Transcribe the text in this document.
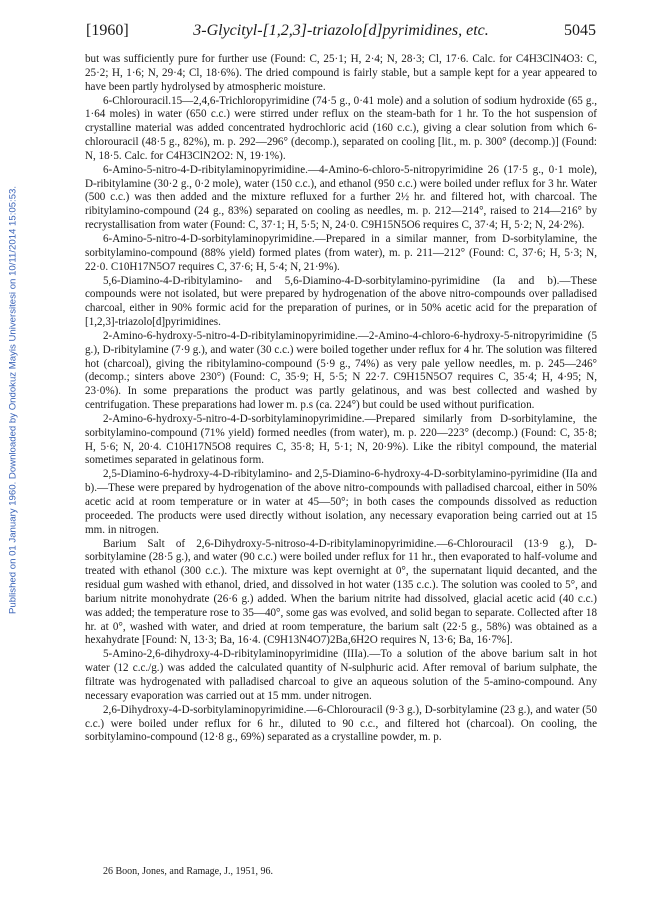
[1960]	3-Glycityl-[1,2,3]-triazolo[d]pyrimidines, etc.	5045
Published on 01 January 1960. Downloaded by Ondokuz Mayis Universitesi on 10/11/2014 15:05:53.

but was sufficiently pure for further use (Found: C, 25·1; H, 2·4; N, 28·3; Cl, 17·6. Calc. for C4H3ClN4O3: C, 25·2; H, 1·6; N, 29·4; Cl, 18·6%). The dried compound is fairly stable, but a sample kept for a year appeared to have been partly hydrolysed by atmospheric moisture.

6-Chlorouracil.15—2,4,6-Trichloropyrimidine (74·5 g., 0·41 mole) and a solution of sodium hydroxide (65 g., 1·64 moles) in water (650 c.c.) were stirred under reflux on the steam-bath for 1 hr. To the hot suspension of crystalline material was added concentrated hydrochloric acid (160 c.c.), giving a clear solution from which 6-chlorouracil (48·5 g., 82%), m. p. 292—296° (decomp.), separated on cooling [lit., m. p. 300° (decomp.)] (Found: N, 18·5. Calc. for C4H3ClN2O2: N, 19·1%).

6-Amino-5-nitro-4-D-ribitylaminopyrimidine.—4-Amino-6-chloro-5-nitropyrimidine 26 (17·5 g., 0·1 mole), D-ribitylamine (30·2 g., 0·2 mole), water (150 c.c.), and ethanol (950 c.c.) were boiled under reflux for 3 hr. Water (500 c.c.) was then added and the mixture refluxed for a further 2½ hr. and filtered hot, with charcoal. The ribitylamino-compound (24 g., 83%) separated on cooling as needles, m. p. 212—214°, raised to 214—216° by recrystallisation from water (Found: C, 37·1; H, 5·5; N, 24·0. C9H15N5O6 requires C, 37·4; H, 5·2; N, 24·2%).

6-Amino-5-nitro-4-D-sorbitylaminopyrimidine.—Prepared in a similar manner, from D-sorbitylamine, the sorbitylamino-compound (88% yield) formed plates (from water), m. p. 211—212° (Found: C, 37·6; H, 5·3; N, 22·0. C10H17N5O7 requires C, 37·6; H, 5·4; N, 21·9%).

5,6-Diamino-4-D-ribitylamino- and 5,6-Diamino-4-D-sorbitylamino-pyrimidine (Ia and b).—These compounds were not isolated, but were prepared by hydrogenation of the above nitro-compounds over palladised charcoal, either in 90% formic acid for the preparation of purines, or in 50% acetic acid for the preparation of [1,2,3]-triazolo[d]pyrimidines.

2-Amino-6-hydroxy-5-nitro-4-D-ribitylaminopyrimidine.—2-Amino-4-chloro-6-hydroxy-5-nitropyrimidine (5 g.), D-ribitylamine (7·9 g.), and water (30 c.c.) were boiled together under reflux for 4 hr. The solution was filtered hot (charcoal), giving the ribitylamino-compound (5·9 g., 74%) as very pale yellow needles, m. p. 245—246° (decomp.; sinters above 230°) (Found: C, 35·9; H, 5·5; N 22·7. C9H15N5O7 requires C, 35·4; H, 4·95; N, 23·0%). In some preparations the product was partly gelatinous, and was best collected and washed by centrifugation. These preparations had lower m. p.s (ca. 224°) but could be used without purification.

2-Amino-6-hydroxy-5-nitro-4-D-sorbitylaminopyrimidine.—Prepared similarly from D-sorbitylamine, the sorbitylamino-compound (71% yield) formed needles (from water), m. p. 220—223° (decomp.) (Found: C, 35·8; H, 5·6; N, 20·4. C10H17N5O8 requires C, 35·8; H, 5·1; N, 20·9%). Like the ribityl compound, the material sometimes separated in gelatinous form.

2,5-Diamino-6-hydroxy-4-D-ribitylamino- and 2,5-Diamino-6-hydroxy-4-D-sorbitylamino-pyrimidine (IIa and b).—These were prepared by hydrogenation of the above nitro-compounds with palladised charcoal, either in 50% acetic acid at room temperature or in water at 45—50°; in both cases the compounds dissolved as reduction proceeded. The products were used directly without isolation, any necessary evaporation being carried out at 15 mm. in nitrogen.

Barium Salt of 2,6-Dihydroxy-5-nitroso-4-D-ribitylaminopyrimidine.—6-Chlorouracil (13·9 g.), D-sorbitylamine (28·5 g.), and water (90 c.c.) were boiled under reflux for 11 hr., then evaporated to half-volume and treated with ethanol (300 c.c.). The mixture was kept overnight at 0°, the supernatant liquid decanted, and the residual gum washed with ethanol, dried, and dissolved in hot water (135 c.c.). The solution was cooled to 5°, and barium nitrite monohydrate (26·6 g.) added. When the barium nitrite had dissolved, glacial acetic acid (40 c.c.) was added; the temperature rose to 35—40°, some gas was evolved, and solid began to separate. Collected after 18 hr. at 0°, washed with water, and dried at room temperature, the barium salt (22·5 g., 58%) was obtained as a hexahydrate [Found: N, 13·3; Ba, 16·4. (C9H13N4O7)2Ba,6H2O requires N, 13·6; Ba, 16·7%].

5-Amino-2,6-dihydroxy-4-D-ribitylaminopyrimidine (IIIa).—To a solution of the above barium salt in hot water (12 c.c./g.) was added the calculated quantity of N-sulphuric acid. After removal of barium sulphate, the filtrate was hydrogenated with palladised charcoal to give an aqueous solution of the 5-amino-compound. Any necessary evaporation was carried out at 15 mm. under nitrogen.

2,6-Dihydroxy-4-D-sorbitylaminopyrimidine.—6-Chlorouracil (9·3 g.), D-sorbitylamine (23 g.), and water (50 c.c.) were boiled under reflux for 6 hr., diluted to 90 c.c., and filtered hot (charcoal). On cooling, the sorbitylamino-compound (12·8 g., 69%) separated as a crystalline powder, m. p.

26 Boon, Jones, and Ramage, J., 1951, 96.
